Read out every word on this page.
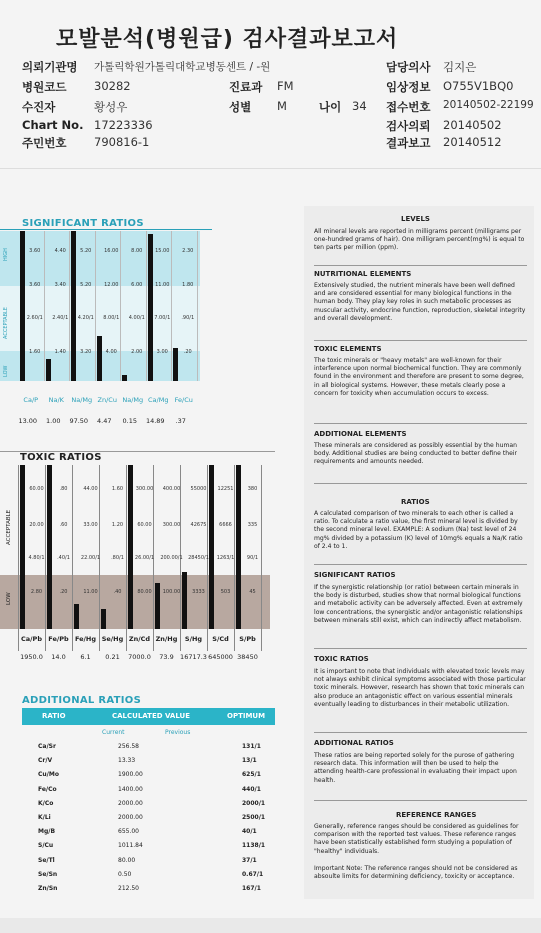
모발분석(병원급) 검사결과보고서
의뢰기관명 가톨릭학원가톨릭대학교병동센트 / -원
병원코드 30282
수진자	황성우
Chart No. 17223336
주민번호 790816-1
진료과 FM
성별 M	나이 34
담당의사 김지은
임상정보 O755V1BQ0
접수번호 20140502-22199
검사의뢰 20140502
결과보고 20140512
SIGNIFICANT RATIOS
HIGH
ACCEPTABLE
LOW
3.60
3.60
2.60/1
1.60
Ca/P
4.40
3.40
2.40/1
1.40
Na/K
5.20
5.20
4.20/1
3.20
Na/Mg
16.00
12.00
8.00/1
4.00
Zn/Cu
8.00
6.00
4.00/1
2.00
Na/Mg
15.00
11.00
7.00/1
3.00
Ca/Mg
2.30
1.80
.90/1
.20
Fe/Cu
13.00 1.00 97.50 4.47 0.15 14.89 .37
TOXIC RATIOS
ACCEPTABLE
LOW
60.00
20.00
4.80/1
2.80
Ca/Pb
.80
.60
.40/1
.20
Fe/Pb
44.00
33.00
22.00/1
11.00
Fe/Hg
1.60
1.20
.80/1
.40
Se/Hg
300.00
60.00
26.00/1
80.00
Zn/Cd
400.00
300.00
200.00/1
100.00
Zn/Hg
55000
42675
28450/1
3333
S/Hg
12251
6666
1263/1
503
S/Cd
380
335
90/1
45
S/Pb
1950.0 14.0 6.1 0.21 7000.0 73.9 16717.3 645000 38450
ADDITIONAL RATIOS
RATIO	CALCULATED VALUE	OPTIMUM
Current	Previous
Ca/Sr	256.58	131/1
Cr/V	13.33	13/1
Cu/Mo	1900.00	625/1
Fe/Co	1400.00	440/1
K/Co	2000.00	2000/1
K/Li	2000.00	2500/1
Mg/B	655.00	40/1
S/Cu	1011.84	1138/1
Se/Tl	80.00	37/1
Se/Sn	0.50	0.67/1
Zn/Sn	212.50	167/1
LEVELS
All mineral levels are reported in milligrams percent (milligrams per one-hundred grams of hair). One milligram percent(mg%) is equal to ten parts per million (ppm).
NUTRITIONAL ELEMENTS
Extensively studied, the nutrient minerals have been well defined and are considered essential for many biological functions in the human body. They play key roles in such metabolic processes as muscular activity, endocrine function, reproduction, skeletal integrity and overall development.
TOXIC ELEMENTS
The toxic minerals or "heavy metals" are well-known for their interference upon normal biochemical function. They are commonly found in the environment and therefore are present to some degree, in all biological systems. However, these metals clearly pose a concern for toxicity when accumulation occurs to excess.
ADDITIONAL ELEMENTS
These minerals are considered as possibly essential by the human body. Additional studies are being conducted to better define their requirements and amounts needed.
RATIOS
A calculated comparison of two minerals to each other is called a ratio. To calculate a ratio value, the first mineral level is divided by the second mineral level. EXAMPLE: A sodium (Na) test level of 24 mg% divided by a potassium (K) level of 10mg% equals a Na/K ratio of 2.4 to 1.
SIGNIFICANT RATIOS
If the synergistic relationship (or ratio) between certain minerals in the body is disturbed, studies show that normal biological functions and metabolic activity can be adversely affected. Even at extremely low concentrations, the synergistic and/or antagonistic relationships between minerals still exist, which can indirectly affect metabolism.
TOXIC RATIOS
It is important to note that individuals with elevated toxic levels may not always exhibit clinical symptoms associated with those particular toxic minerals. However, research has shown that toxic minerals can also produce an antagonistic effect on various essential minerals eventually leading to disturbances in their metabolic utilization.
ADDITIONAL RATIOS
These ratios are being reported solely for the purose of gathering research data. This information will then be used to help the attending health-care professional in evaluating their impact upon health.
REFERENCE RANGES
Generally, reference ranges should be considered as guidelines for comparison with the reported test values. These reference ranges have been statistically established form studying a population of "healthy" individuals.
Important Note: The reference ranges should not be considered as absoulte limits for determining deficiency, toxicity or acceptance.
